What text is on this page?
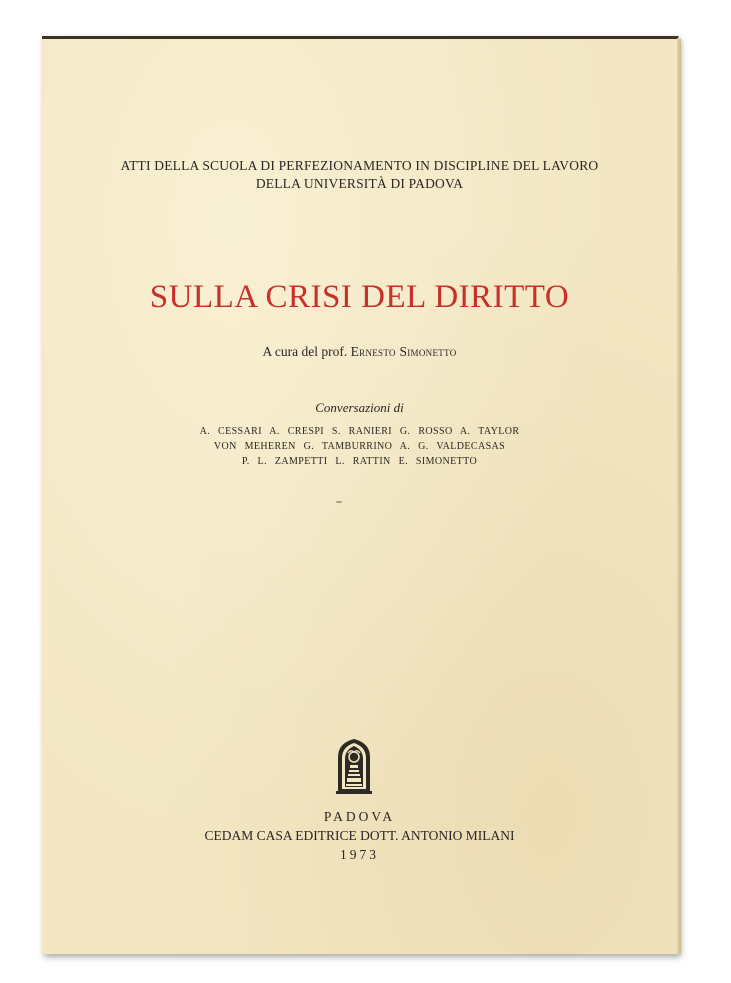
ATTI DELLA SCUOLA DI PERFEZIONAMENTO IN DISCIPLINE DEL LAVORO
DELLA UNIVERSITÀ DI PADOVA
SULLA CRISI DEL DIRITTO
A cura del prof. Ernesto Simonetto
Conversazioni di
A. CESSARI A. CRESPI S. RANIERI G. ROSSO A. TAYLOR
VON MEHEREN G. TAMBURRINO A. G. VALDECASAS
P. L. ZAMPETTI L. RATTIN E. SIMONETTO
PADOVA
CEDAM CASA EDITRICE DOTT. ANTONIO MILANI
1973
